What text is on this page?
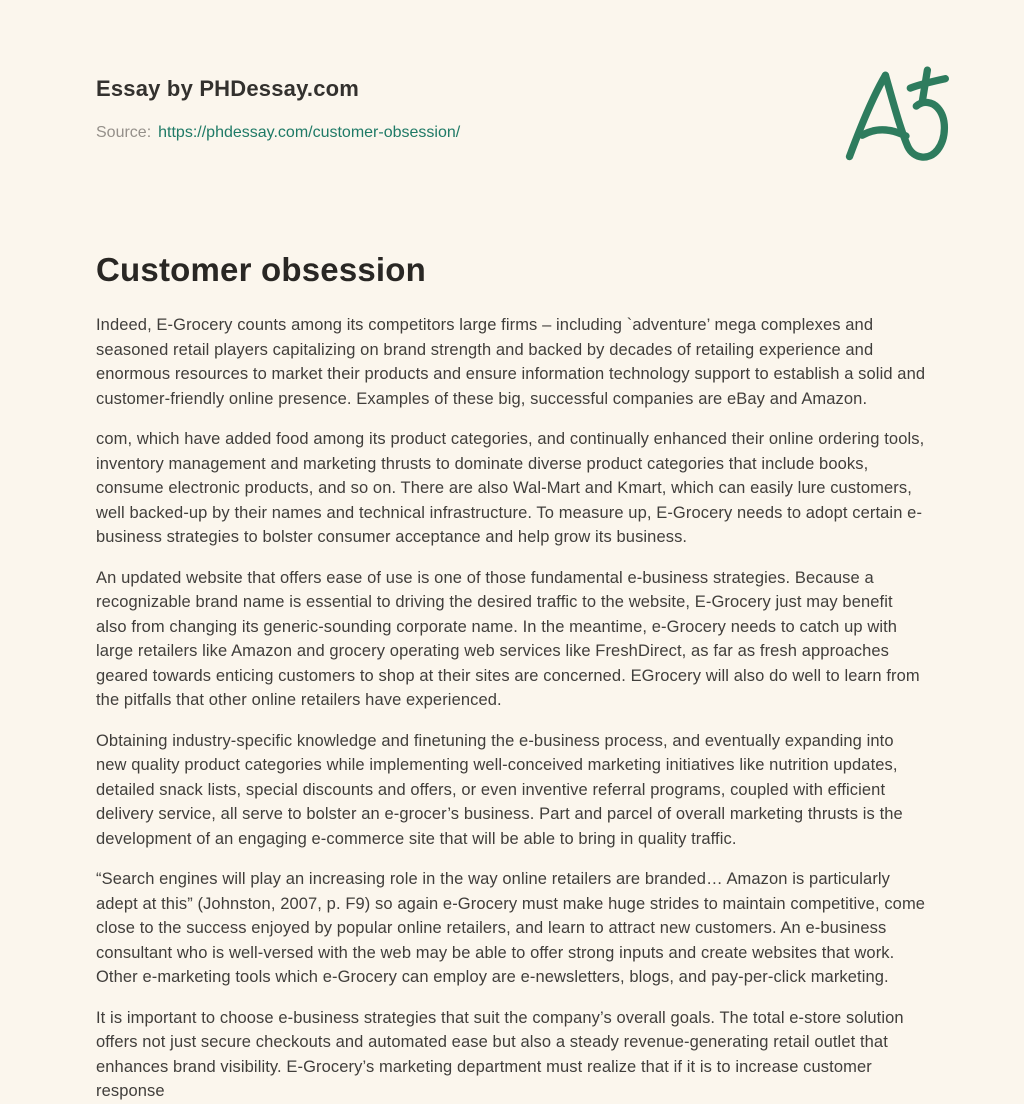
Essay by PHDessay.com
Source: https://phdessay.com/customer-obsession/
Customer obsession

Indeed, E-Grocery counts among its competitors large firms – including `adventure’ mega complexes and seasoned retail players capitalizing on brand strength and backed by decades of retailing experience and enormous resources to market their products and ensure information technology support to establish a solid and customer-friendly online presence. Examples of these big, successful companies are eBay and Amazon.

com, which have added food among its product categories, and continually enhanced their online ordering tools, inventory management and marketing thrusts to dominate diverse product categories that include books, consume electronic products, and so on. There are also Wal-Mart and Kmart, which can easily lure customers, well backed-up by their names and technical infrastructure. To measure up, E-Grocery needs to adopt certain e-business strategies to bolster consumer acceptance and help grow its business.

An updated website that offers ease of use is one of those fundamental e-business strategies. Because a recognizable brand name is essential to driving the desired traffic to the website, E-Grocery just may benefit also from changing its generic-sounding corporate name. In the meantime, e-Grocery needs to catch up with large retailers like Amazon and grocery operating web services like FreshDirect, as far as fresh approaches geared towards enticing customers to shop at their sites are concerned. EGrocery will also do well to learn from the pitfalls that other online retailers have experienced.

Obtaining industry-specific knowledge and finetuning the e-business process, and eventually expanding into new quality product categories while implementing well-conceived marketing initiatives like nutrition updates, detailed snack lists, special discounts and offers, or even inventive referral programs, coupled with efficient delivery service, all serve to bolster an e-grocer’s business. Part and parcel of overall marketing thrusts is the development of an engaging e-commerce site that will be able to bring in quality traffic.

“Search engines will play an increasing role in the way online retailers are branded… Amazon is particularly adept at this” (Johnston, 2007, p. F9) so again e-Grocery must make huge strides to maintain competitive, come close to the success enjoyed by popular online retailers, and learn to attract new customers. An e-business consultant who is well-versed with the web may be able to offer strong inputs and create websites that work. Other e-marketing tools which e-Grocery can employ are e-newsletters, blogs, and pay-per-click marketing.

It is important to choose e-business strategies that suit the company’s overall goals. The total e-store solution offers not just secure checkouts and automated ease but also a steady revenue-generating retail outlet that enhances brand visibility. E-Grocery’s marketing department must realize that if it is to increase customer response
